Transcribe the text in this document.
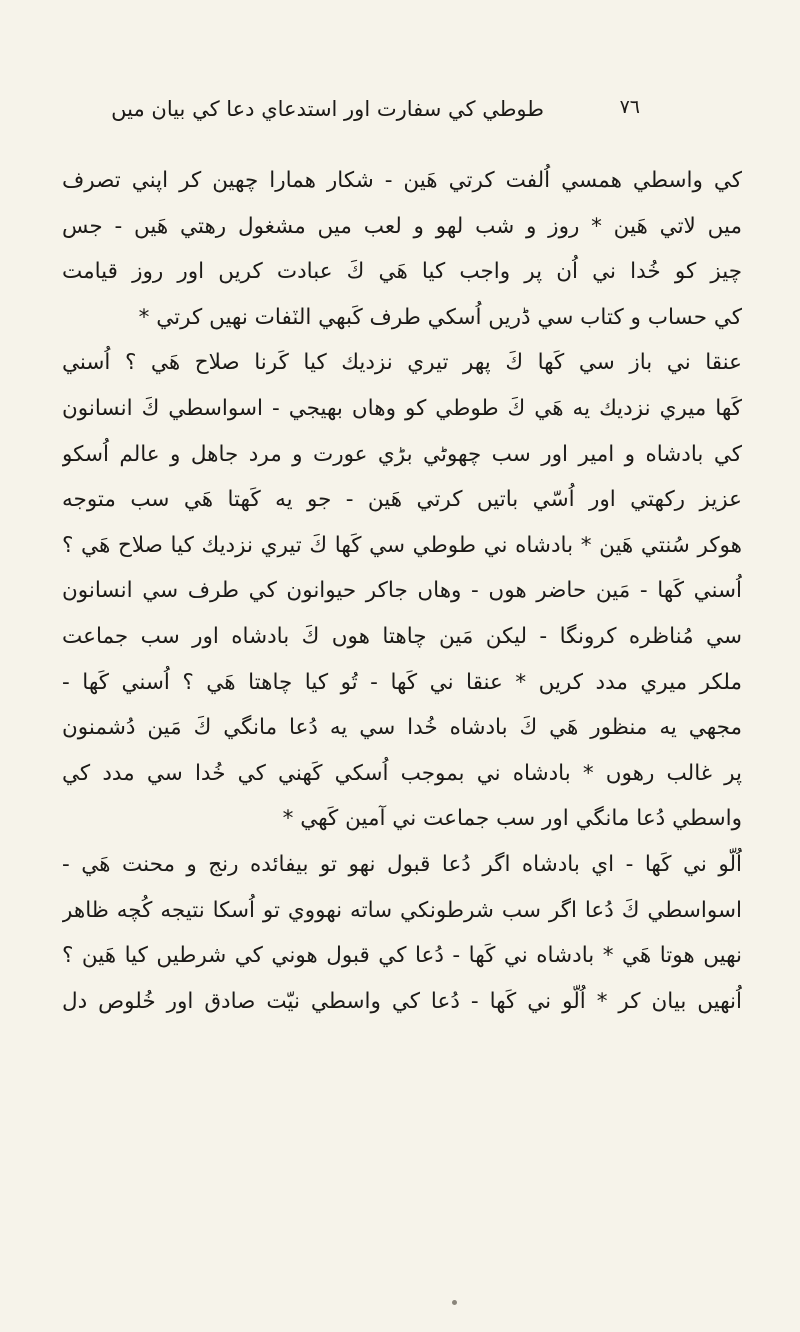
٧٦
طوطي كي سفارت اور استدعاي دعا كي بيان ميں
كي واسطي همسي اُلفت كرتي هَين - شكار همارا چهين كر اپني تصرف
ميں لاتي هَين * روز و شب لهو و لعب ميں مشغول رهتي هَيں - جس
چيز كو خُدا ني اُن پر واجب كيا هَي كَ عبادت كريں اور روز قيامت
كي حساب و كتاب سي ڈريں اُسكي طرف كَبهي الٽفات نهيں كرتي *
عنقا ني باز سي كَها كَ پهر تيري نزديك كيا كَرنا صلاح هَي ؟ اُسني
كَها ميري نزديك يه هَي كَ طوطي كو وهاں بهيجي - اسواسطي كَ انسانون
كي بادشاه و امير اور سب چهوٹي بڑي عورت و مرد جاهل و عالم اُسكو
عزيز رکهتي اور اُسّي باتيں كرتي هَين - جو يه كَهتا هَي سب متوجه
هوكر سُنتي هَين * بادشاه ني طوطي سي كَها كَ تيري نزديك كيا صلاح هَي ؟
اُسني كَها - مَين حاضر هوں - وهاں جاكر حيوانون كي طرف سي انسانون
سي مُناظره كرونگا - ليكن مَين چاهتا هوں كَ بادشاه اور سب جماعت
ملكر ميري مدد كريں * عنقا ني كَها - تُو كيا چاهتا هَي ؟ اُسني كَها -
مجهي يه منظور هَي كَ بادشاه خُدا سي يه دُعا مانگي كَ مَين دُشمنون
پر غالب رهوں * بادشاه ني بموجب اُسكي كَهني كي خُدا سي مدد كي
واسطي دُعا مانگي اور سب جماعت ني آمين كَهي *
اُلّو ني كَها - اي بادشاه اگر دُعا قبول نهو تو بيفائده رنج و محنت هَي -
اسواسطي كَ دُعا اگر سب شرطونكي ساته نهووي تو اُسكا نتيجه كُچه ظاهر
نهيں هوتا هَي * بادشاه ني كَها - دُعا كي قبول هوني كي شرطيں كيا هَين ؟
اُنهيں بيان كر * اُلّو ني كَها - دُعا كي واسطي نيّت صادق اور خُلوص دل
